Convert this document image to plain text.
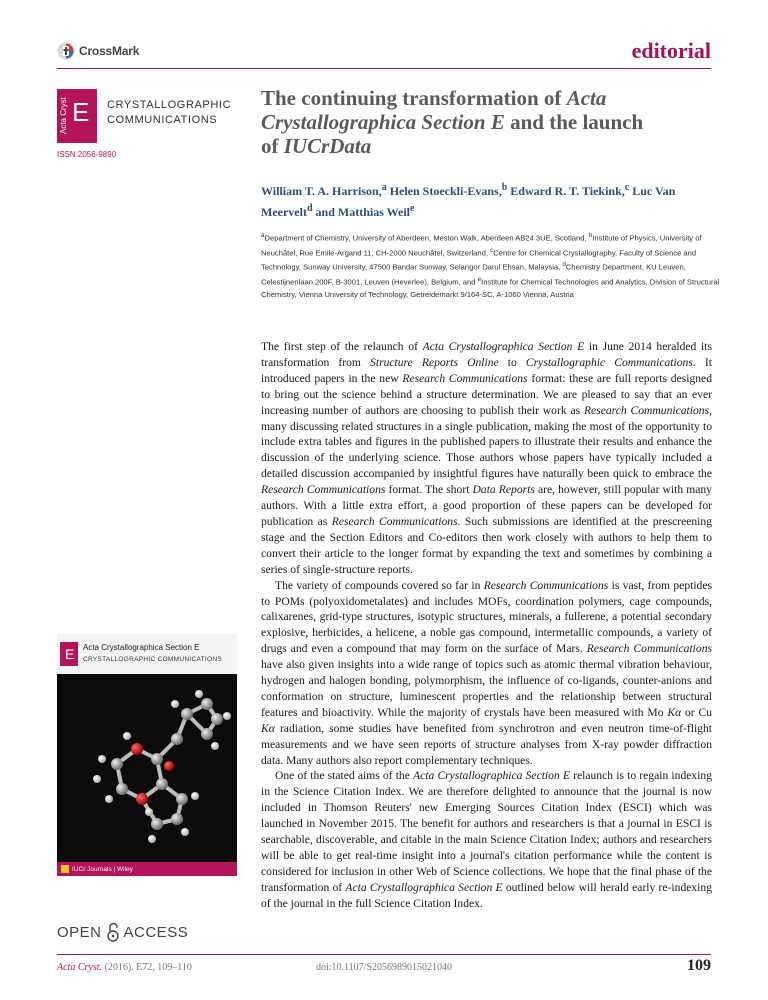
CrossMark	editorial
Acta Cryst E CRYSTALLOGRAPHIC
COMMUNICATIONS
ISSN 2056-9890
The continuing transformation of Acta
Crystallographica Section E and the launch
of IUCrData
William T. A. Harrison,$^a$ Helen Stoeckli-Evans,$^b$ Edward R. T. Tiekink,$^c$ Luc Van Meervelt$^d$ and Matthias Weil$^e$
$^a$Department of Chemistry, University of Aberdeen, Meston Walk, Aberdeen AB24 3UE, Scotland, $^b$Institute of Physics, University of Neuchâtel, Rue Emile-Argand 11, CH-2000 Neuchâtel, Switzerland, $^c$Centre for Chemical Crystallography, Faculty of Science and Technology, Sunway University, 47500 Bandar Sunway, Selangor Darul Ehsan, Malaysia, $^d$Chemistry Department, KU Leuven, Celestijnenlaan 200F, B-3001, Leuven (Heverlee), Belgium, and $^e$Institute for Chemical Technologies and Analytics, Division of Structural Chemistry, Vienna University of Technology, Getreidemarkt 9/164-SC, A-1060 Vienna, Austria

The first step of the relaunch of Acta Crystallographica Section E in June 2014 heralded its transformation from Structure Reports Online to Crystallographic Communications. It introduced papers in the new Research Communications format: these are full reports designed to bring out the science behind a structure determination. We are pleased to say that an ever increasing number of authors are choosing to publish their work as Research Communications, many discussing related structures in a single publication, making the most of the opportunity to include extra tables and figures in the published papers to illustrate their results and enhance the discussion of the underlying science. Those authors whose papers have typically included a detailed discussion accompanied by insightful figures have naturally been quick to embrace the Research Communications format. The short Data Reports are, however, still popular with many authors. With a little extra effort, a good proportion of these papers can be developed for publication as Research Communications. Such submissions are identified at the prescreening stage and the Section Editors and Co-editors then work closely with authors to help them to convert their article to the longer format by expanding the text and sometimes by combining a series of single-structure reports.

The variety of compounds covered so far in Research Communications is vast, from peptides to POMs (polyoxidometalates) and includes MOFs, coordination polymers, cage compounds, calixarenes, grid-type structures, isotypic structures, minerals, a fullerene, a potential secondary explosive, herbicides, a helicene, a noble gas compound, intermetallic compounds, a variety of drugs and even a compound that may form on the surface of Mars. Research Communications have also given insights into a wide range of topics such as atomic thermal vibration behaviour, hydrogen and halogen bonding, polymorphism, the influence of co-ligands, counter-anions and conformation on structure, luminescent properties and the relationship between structural features and bioactivity. While the majority of crystals have been measured with Mo Kα or Cu Kα radiation, some studies have benefited from synchrotron and even neutron time-of-flight measurements and we have seen reports of structure analyses from X-ray powder diffraction data. Many authors also report complementary techniques.

One of the stated aims of the Acta Crystallographica Section E relaunch is to regain indexing in the Science Citation Index. We are therefore delighted to announce that the journal is now included in Thomson Reuters' new Emerging Sources Citation Index (ESCI) which was launched in November 2015. The benefit for authors and researchers is that a journal in ESCI is searchable, discoverable, and citable in the main Science Citation Index; authors and researchers will be able to get real-time insight into a journal's citation performance while the content is considered for inclusion in other Web of Science collections. We hope that the final phase of the transformation of Acta Crystallographica Section E outlined below will herald early re-indexing of the journal in the full Science Citation Index.

E Acta Crystallographica Section E
CRYSTALLOGRAPHIC COMMUNICATIONS
IUCr Journals | Wiley
OPEN ACCESS
Acta Cryst. (2016). E72, 109–110	doi:10.1107/S2056989015021040	109
